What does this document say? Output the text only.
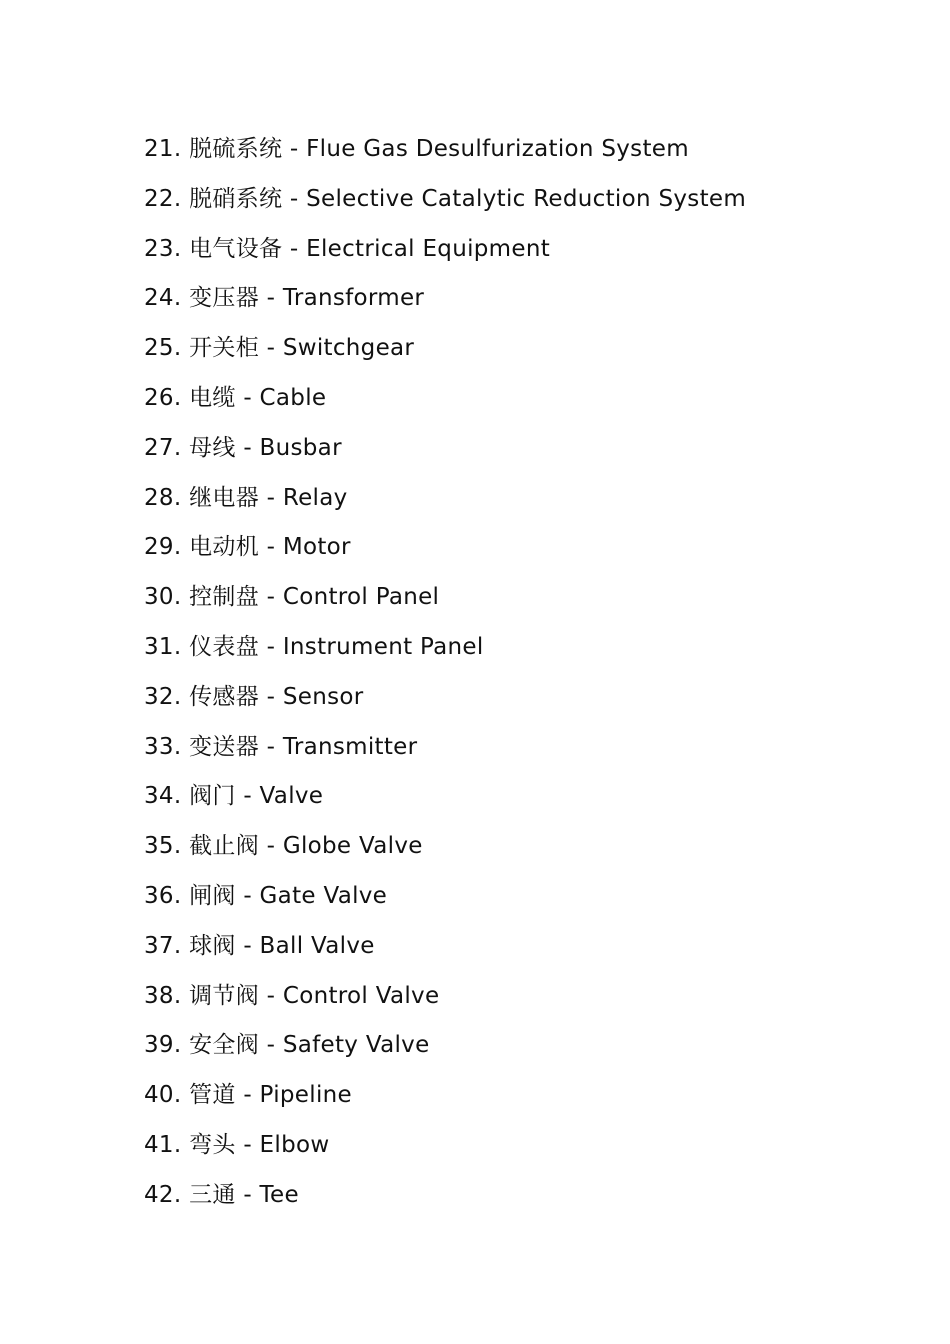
21. 脱硫系统 - Flue Gas Desulfurization System
22. 脱硝系统 - Selective Catalytic Reduction System
23. 电气设备 - Electrical Equipment
24. 变压器 - Transformer
25. 开关柜 - Switchgear
26. 电缆 - Cable
27. 母线 - Busbar
28. 继电器 - Relay
29. 电动机 - Motor
30. 控制盘 - Control Panel
31. 仪表盘 - Instrument Panel
32. 传感器 - Sensor
33. 变送器 - Transmitter
34. 阀门 - Valve
35. 截止阀 - Globe Valve
36. 闸阀 - Gate Valve
37. 球阀 - Ball Valve
38. 调节阀 - Control Valve
39. 安全阀 - Safety Valve
40. 管道 - Pipeline
41. 弯头 - Elbow
42. 三通 - Tee
